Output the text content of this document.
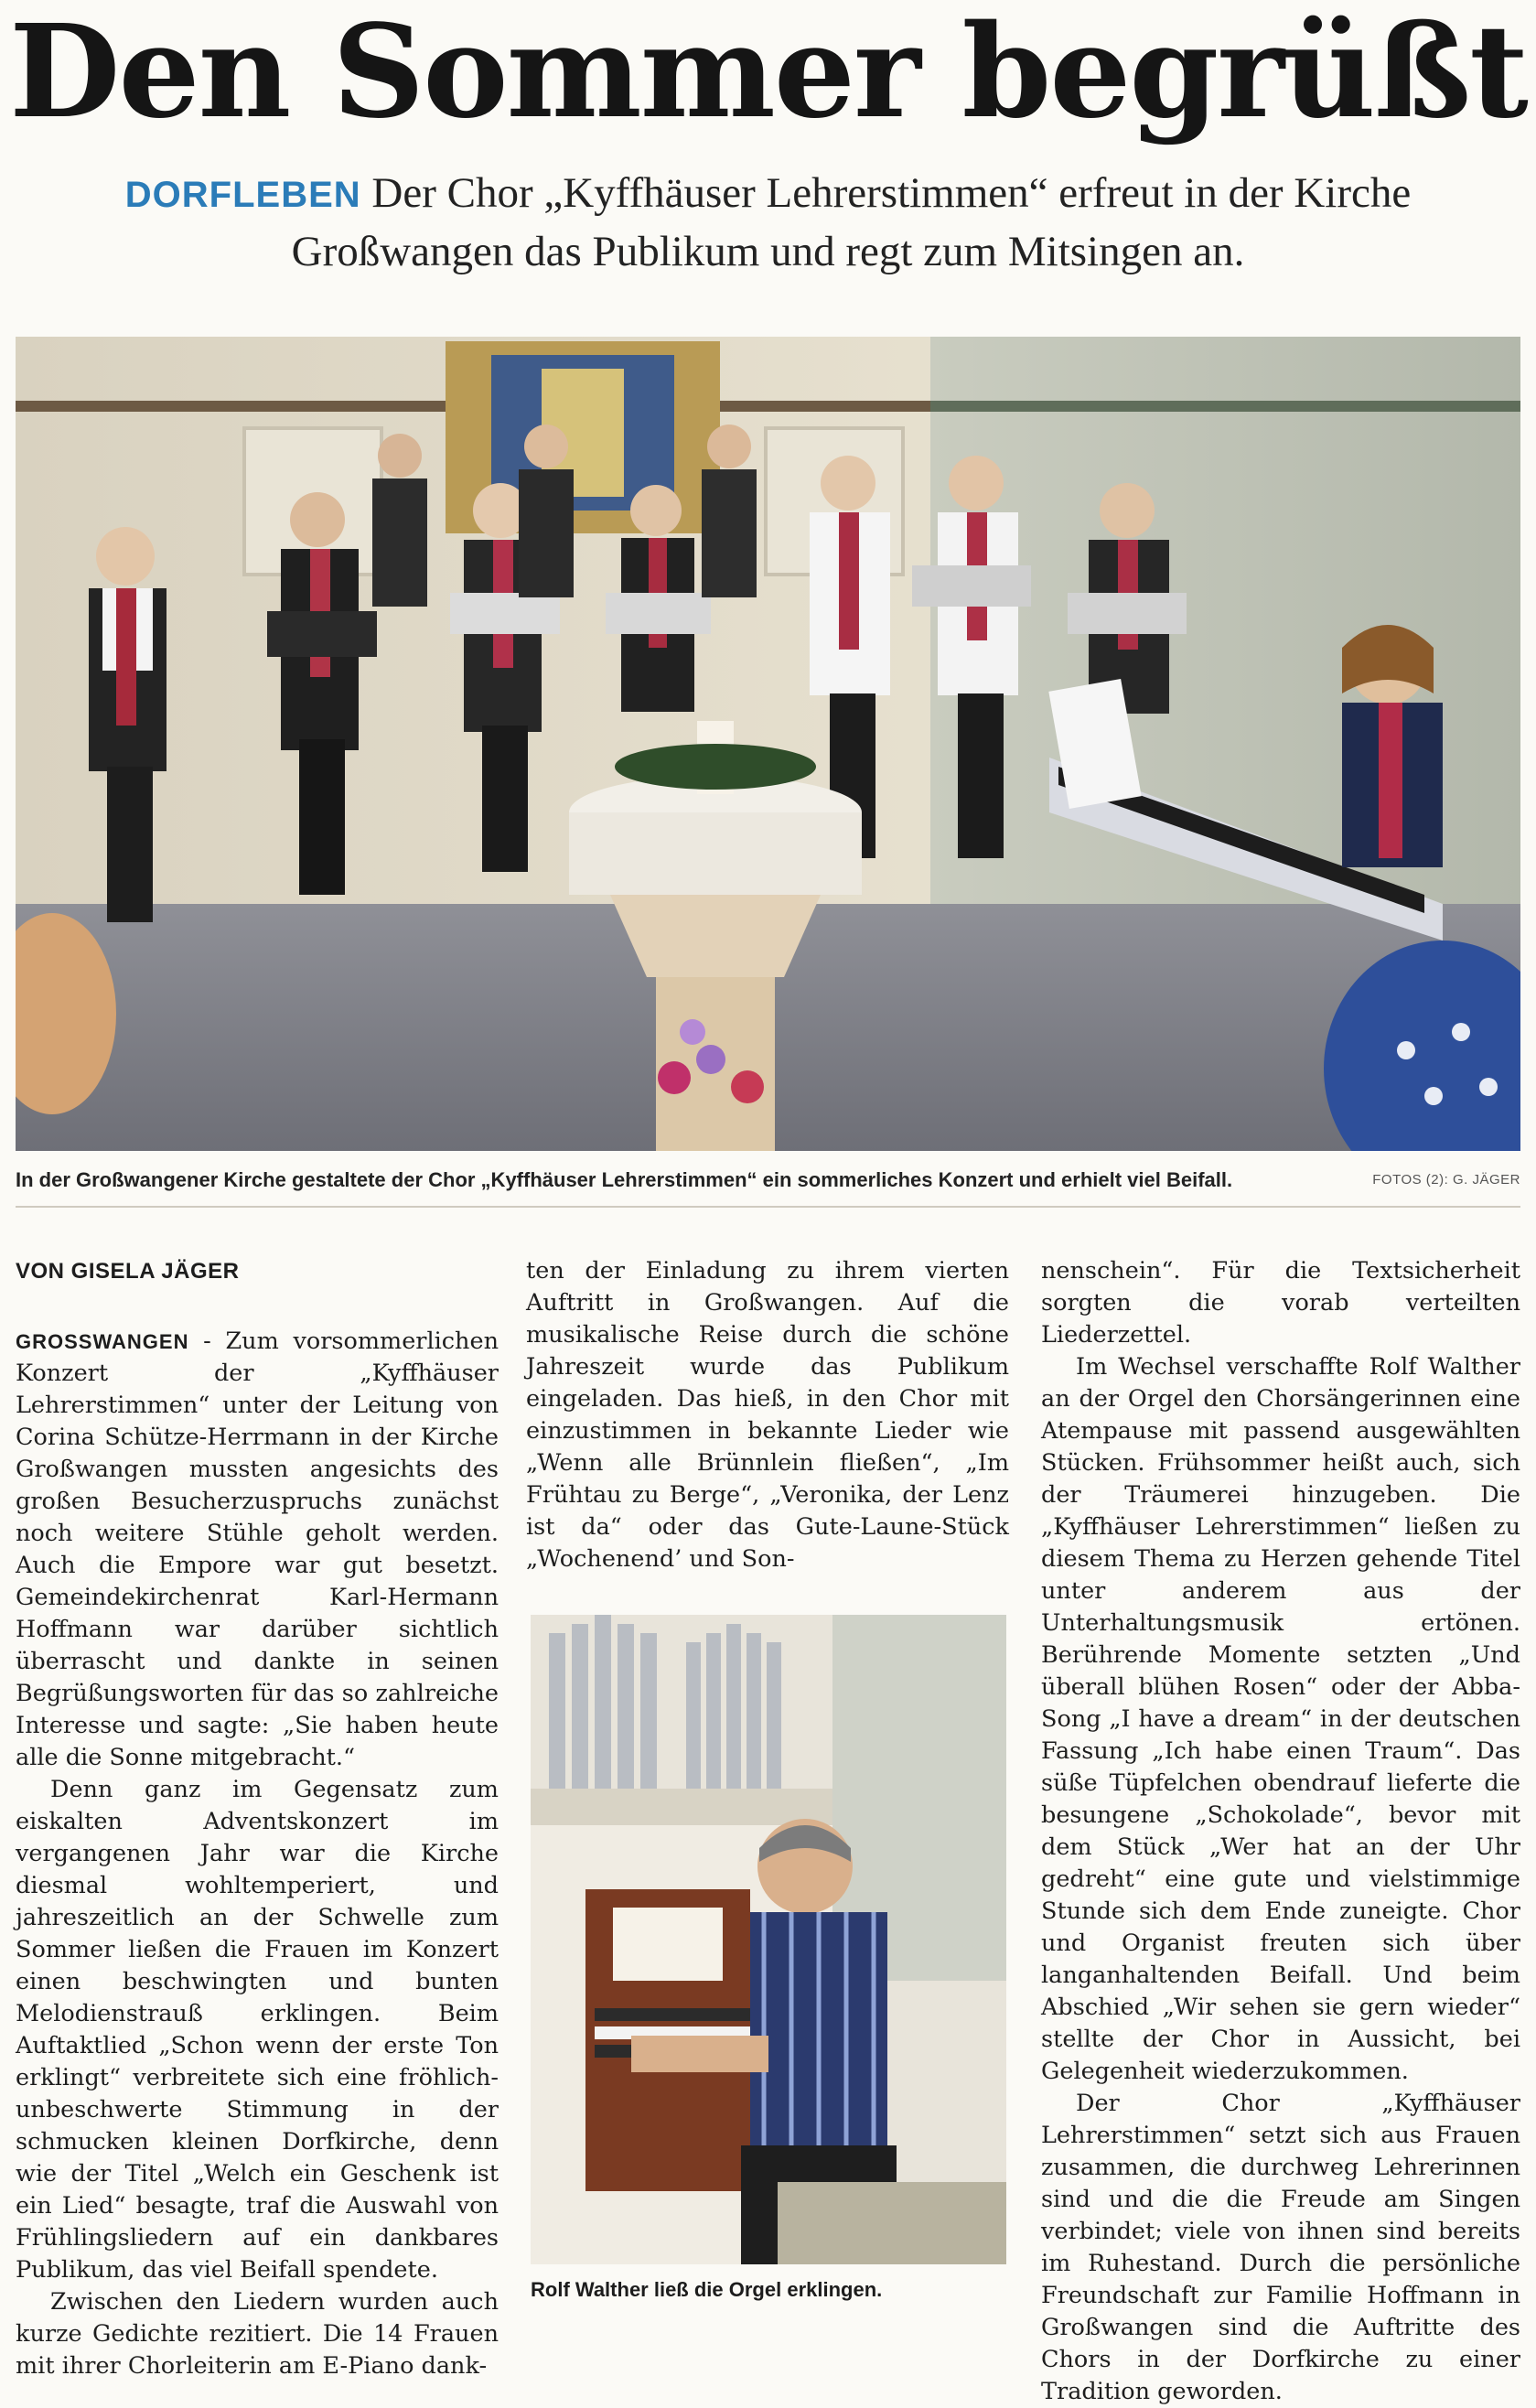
Den Sommer begrüßt
DORFLEBEN Der Chor „Kyffhäuser Lehrerstimmen“ erfreut in der Kirche Großwangen das Publikum und regt zum Mitsingen an.
In der Großwangener Kirche gestaltete der Chor „Kyffhäuser Lehrerstimmen“ ein sommerliches Konzert und erhielt viel Beifall.	FOTOS (2): G. JÄGER

VON GISELA JÄGER

GROSSWANGEN - Zum vorsommerlichen Konzert der „Kyffhäuser Lehrerstimmen“ unter der Leitung von Corina Schütze-Herrmann in der Kirche Großwangen mussten angesichts des großen Besucherzuspruchs zunächst noch weitere Stühle geholt werden. Auch die Empore war gut besetzt. Gemeindekirchenrat Karl-Hermann Hoffmann war darüber sichtlich überrascht und dankte in seinen Begrüßungsworten für das so zahlreiche Interesse und sagte: „Sie haben heute alle die Sonne mitgebracht.“

Denn ganz im Gegensatz zum eiskalten Adventskonzert im vergangenen Jahr war die Kirche diesmal wohltemperiert, und jahreszeitlich an der Schwelle zum Sommer ließen die Frauen im Konzert einen beschwingten und bunten Melodienstrauß erklingen. Beim Auftaktlied „Schon wenn der erste Ton erklingt“ verbreitete sich eine fröhlich-unbeschwerte Stimmung in der schmucken kleinen Dorfkirche, denn wie der Titel „Welch ein Geschenk ist ein Lied“ besagte, traf die Auswahl von Frühlingsliedern auf ein dankbares Publikum, das viel Beifall spendete.

Zwischen den Liedern wurden auch kurze Gedichte rezitiert. Die 14 Frauen mit ihrer Chorleiterin am E-Piano dank-

ten der Einladung zu ihrem vierten Auftritt in Großwangen. Auf die musikalische Reise durch die schöne Jahreszeit wurde das Publikum eingeladen. Das hieß, in den Chor mit einzustimmen in bekannte Lieder wie „Wenn alle Brünnlein fließen“, „Im Frühtau zu Berge“, „Veronika, der Lenz ist da“ oder das Gute-Laune-Stück „Wochenend’ und Son-

Rolf Walther ließ die Orgel erklingen.

nenschein“. Für die Textsicherheit sorgten die vorab verteilten Liederzettel.

Im Wechsel verschaffte Rolf Walther an der Orgel den Chorsängerinnen eine Atempause mit passend ausgewählten Stücken. Frühsommer heißt auch, sich der Träumerei hinzugeben. Die „Kyffhäuser Lehrerstimmen“ ließen zu diesem Thema zu Herzen gehende Titel unter anderem aus der Unterhaltungsmusik ertönen. Berührende Momente setzten „Und überall blühen Rosen“ oder der Abba-Song „I have a dream“ in der deutschen Fassung „Ich habe einen Traum“. Das süße Tüpfelchen obendrauf lieferte die besungene „Schokolade“, bevor mit dem Stück „Wer hat an der Uhr gedreht“ eine gute und vielstimmige Stunde sich dem Ende zuneigte. Chor und Organist freuten sich über langanhaltenden Beifall. Und beim Abschied „Wir sehen sie gern wieder“ stellte der Chor in Aussicht, bei Gelegenheit wiederzukommen.

Der Chor „Kyffhäuser Lehrerstimmen“ setzt sich aus Frauen zusammen, die durchweg Lehrerinnen sind und die die Freude am Singen verbindet; viele von ihnen sind bereits im Ruhestand. Durch die persönliche Freundschaft zur Familie Hoffmann in Großwangen sind die Auftritte des Chors in der Dorfkirche zu einer Tradition geworden.
